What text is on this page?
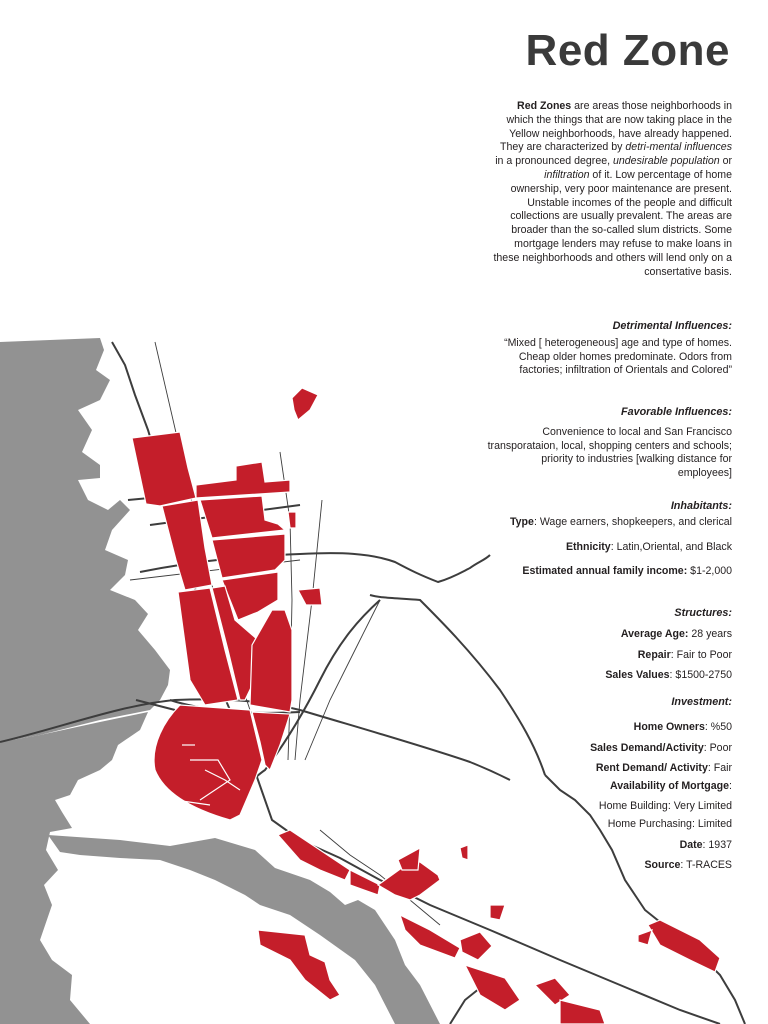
Red Zone
Red Zones are areas those neighborhoods in which the things that are now taking place in the Yellow neighborhoods, have already happened. They are characterized by detri-mental influences in a pronounced degree, undesirable population or infiltration of it. Low percentage of home ownership, very poor maintenance are present. Unstable incomes of the people and difficult collections are usually prevalent. The areas are broader than the so-called slum districts. Some mortgage lenders may refuse to make loans in these neighborhoods and others will lend only on a consertative basis.

Detrimental Influences:

“Mixed [ heterogeneous] age and type of homes. Cheap older homes predominate. Odors from factories; infiltration of Orientals and Colored”

Favorable Influences:

Convenience to local and San Francisco transporataion, local, shopping centers and schools; priority to industries [walking distance for employees]

Inhabitants:

Type: Wage earners, shopkeepers, and clerical

Ethnicity: Latin,Oriental, and Black

Estimated annual family income: $1-2,000

Structures:

Average Age: 28 years

Repair: Fair to Poor

Sales Values: $1500-2750

Investment:

Home Owners: %50

Sales Demand/Activity: Poor

Rent Demand/ Activity: Fair

Availability of Mortgage:

Home Building: Very Limited

Home Purchasing: Limited

Date: 1937

Source: T-RACES
